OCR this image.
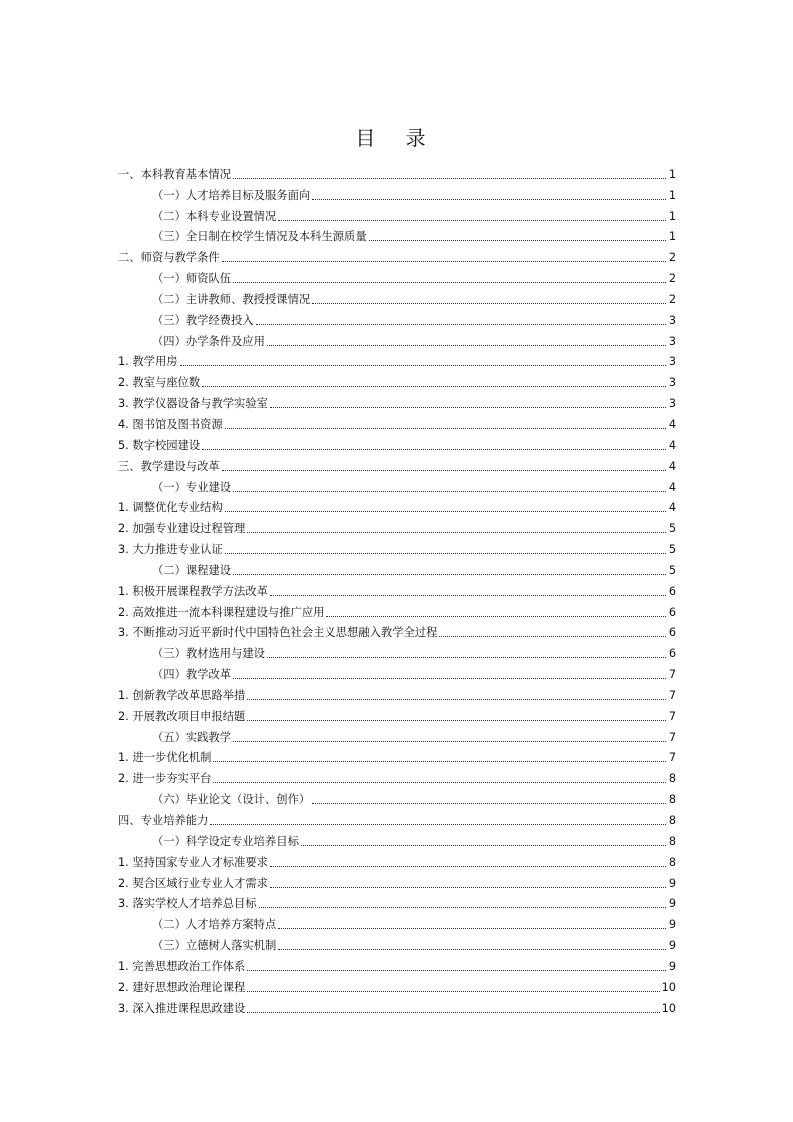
目 录
一、本科教育基本情况	1
（一）人才培养目标及服务面向	1
（二）本科专业设置情况	1
（三）全日制在校学生情况及本科生源质量	1
二、师资与教学条件	2
（一）师资队伍	2
（二）主讲教师、教授授课情况	2
（三）教学经费投入	3
（四）办学条件及应用	3
1. 教学用房	3
2. 教室与座位数	3
3. 教学仪器设备与教学实验室	3
4. 图书馆及图书资源	4
5. 数字校园建设	4
三、教学建设与改革	4
（一）专业建设	4
1. 调整优化专业结构	4
2. 加强专业建设过程管理	5
3. 大力推进专业认证	5
（二）课程建设	5
1. 积极开展课程教学方法改革	6
2. 高效推进一流本科课程建设与推广应用	6
3. 不断推动习近平新时代中国特色社会主义思想融入教学全过程	6
（三）教材选用与建设	6
（四）教学改革	7
1. 创新教学改革思路举措	7
2. 开展教改项目申报结题	7
（五）实践教学	7
1. 进一步优化机制	7
2. 进一步夯实平台	8
（六）毕业论文（设计、创作）	8
四、专业培养能力	8
（一）科学设定专业培养目标	8
1. 坚持国家专业人才标准要求	8
2. 契合区域行业专业人才需求	9
3. 落实学校人才培养总目标	9
（二）人才培养方案特点	9
（三）立德树人落实机制	9
1. 完善思想政治工作体系	9
2. 建好思想政治理论课程	10
3. 深入推进课程思政建设	10
